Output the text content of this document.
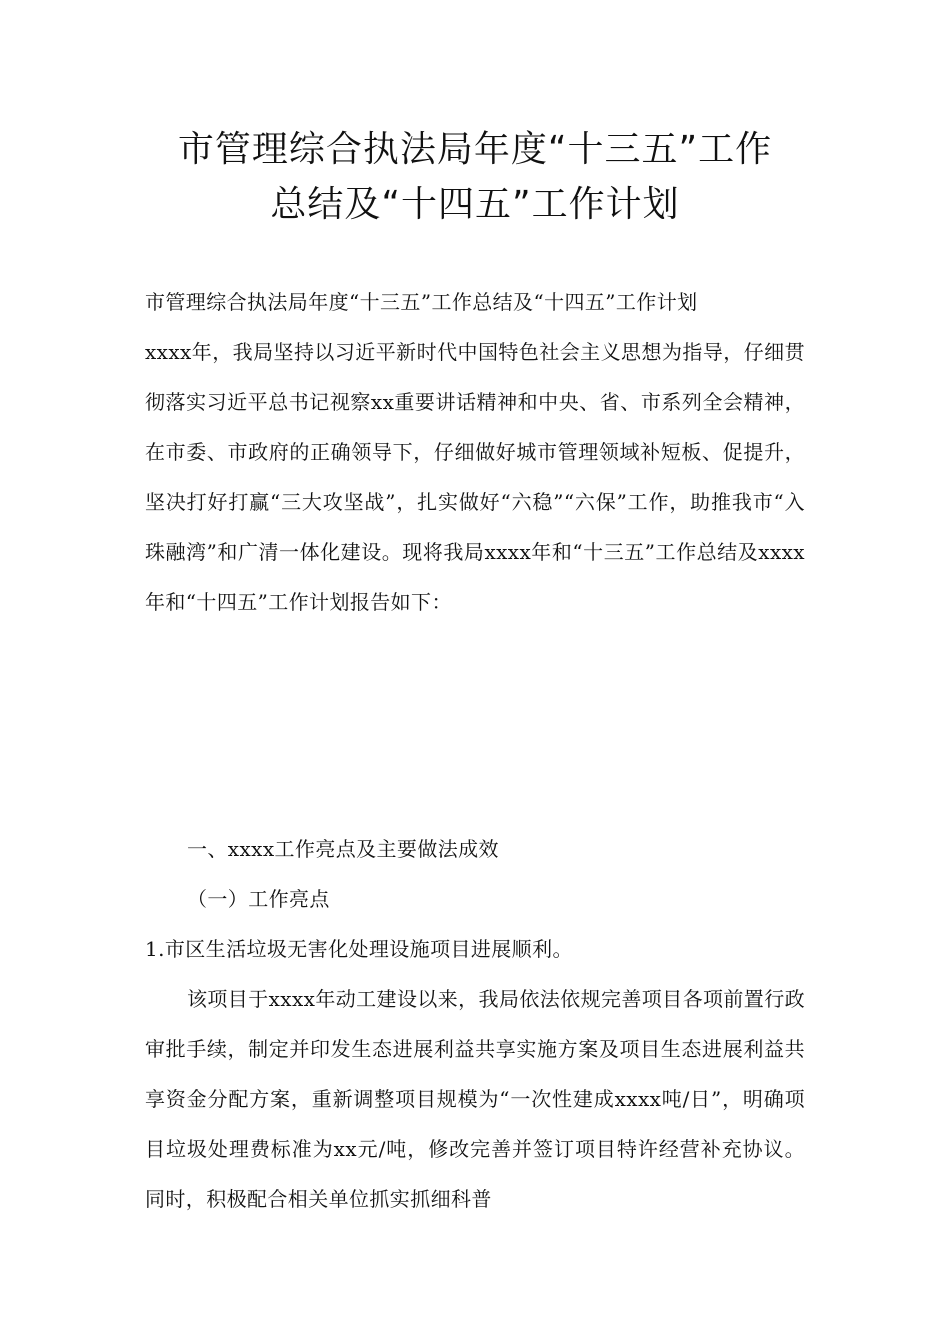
市管理综合执法局年度“十三五”工作
总结及“十四五”工作计划

市管理综合执法局年度“十三五”工作总结及“十四五”工作计划

xxxx年，我局坚持以习近平新时代中国特色社会主义思想为指导，仔细贯彻落实习近平总书记视察xx重要讲话精神和中央、省、市系列全会精神，在市委、市政府的正确领导下，仔细做好城市管理领域补短板、促提升，坚决打好打赢“三大攻坚战”，扎实做好“六稳”“六保”工作，助推我市“入珠融湾”和广清一体化建设。现将我局xxxx年和“十三五”工作总结及xxxx年和“十四五”工作计划报告如下：

一、xxxx工作亮点及主要做法成效

（一）工作亮点

1.市区生活垃圾无害化处理设施项目进展顺利。

该项目于xxxx年动工建设以来，我局依法依规完善项目各项前置行政审批手续，制定并印发生态进展利益共享实施方案及项目生态进展利益共享资金分配方案，重新调整项目规模为“一次性建成xxxx吨/日”，明确项目垃圾处理费标准为xx元/吨，修改完善并签订项目特许经营补充协议。同时，积极配合相关单位抓实抓细科普
